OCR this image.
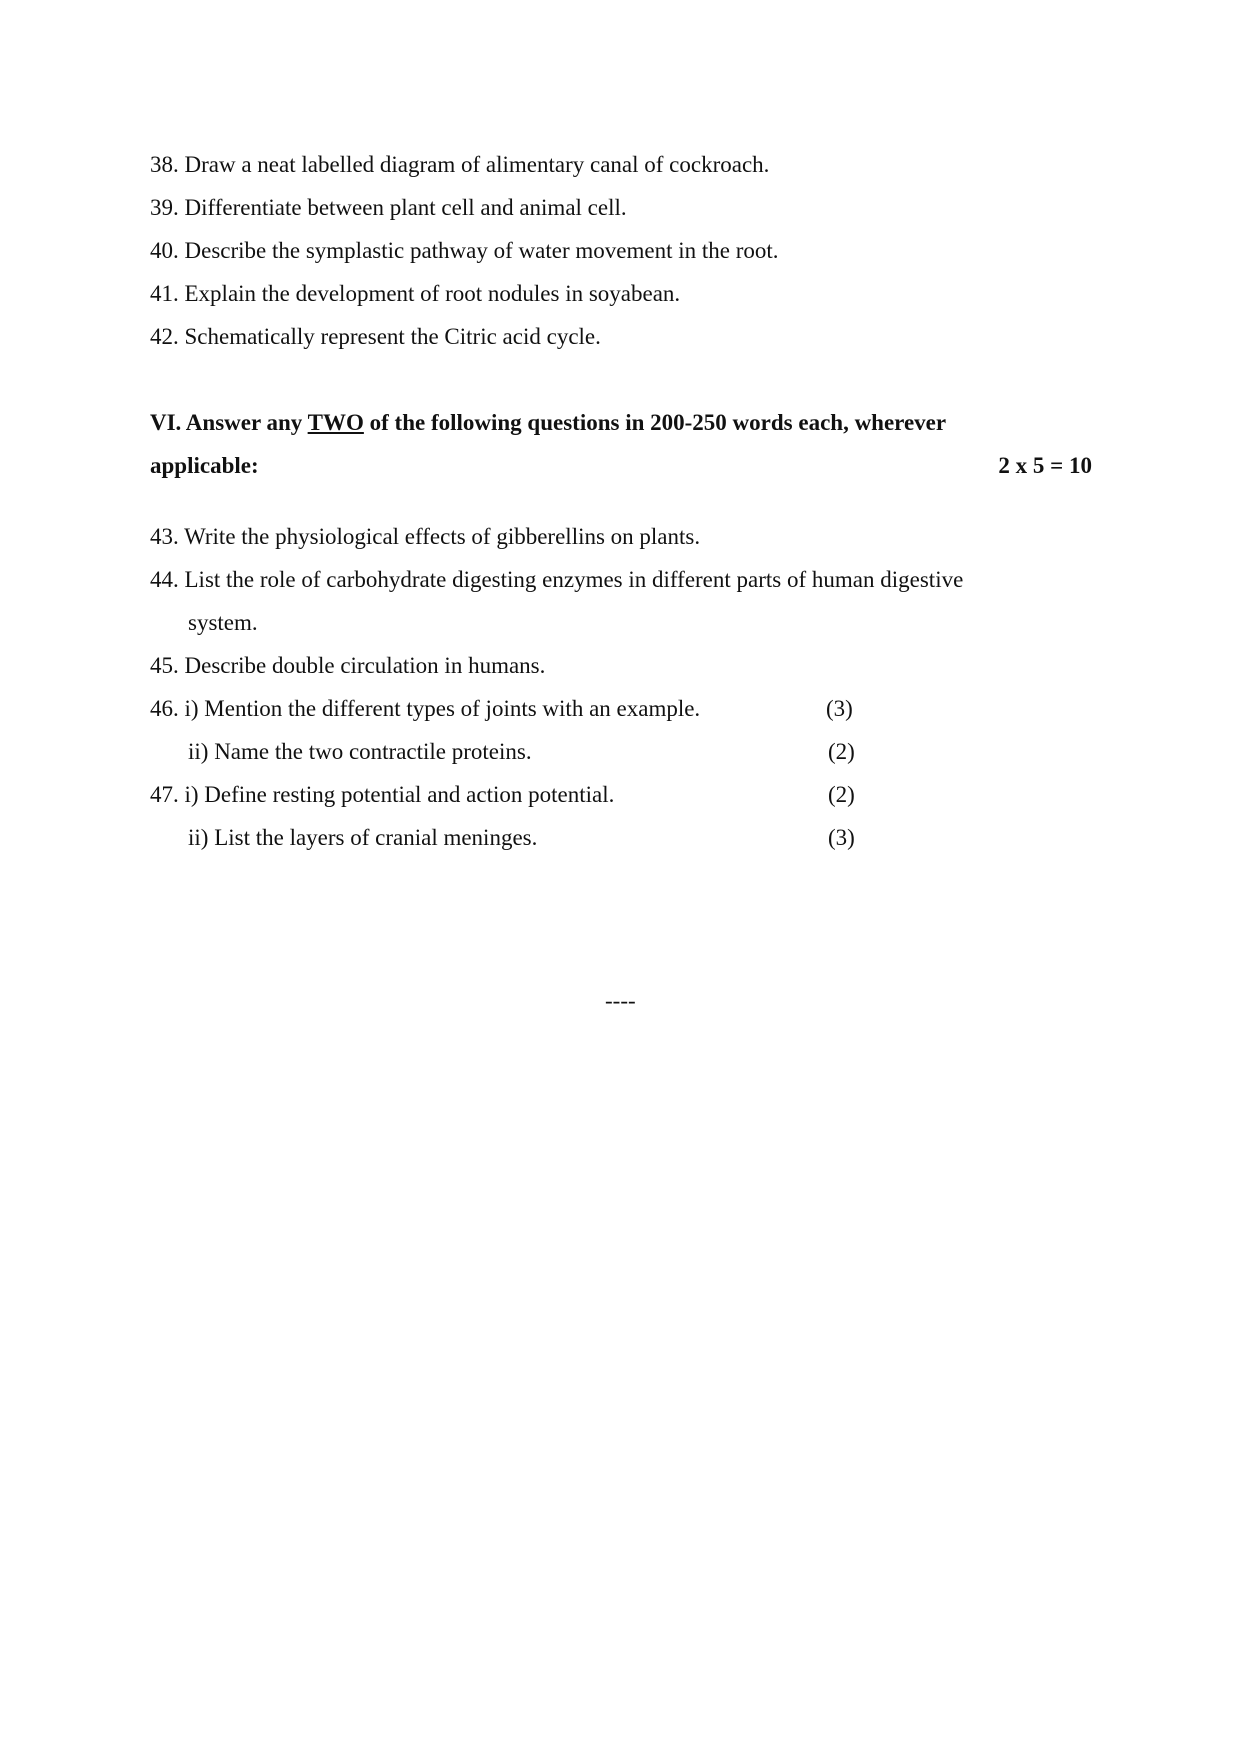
38. Draw a neat labelled diagram of alimentary canal of cockroach.
39. Differentiate between plant cell and animal cell.
40. Describe the symplastic pathway of water movement in the root.
41. Explain the development of root nodules in soyabean.
42. Schematically represent the Citric acid cycle.
VI. Answer any TWO of the following questions in 200-250 words each, wherever
applicable:	2 x 5 = 10
43. Write the physiological effects of gibberellins on plants.
44. List the role of carbohydrate digesting enzymes in different parts of human digestive
system.
45. Describe double circulation in humans.
46. i) Mention the different types of joints with an example.	(3)
ii) Name the two contractile proteins.	(2)
47. i) Define resting potential and action potential.	(2)
ii) List the layers of cranial meninges.	(3)
----
